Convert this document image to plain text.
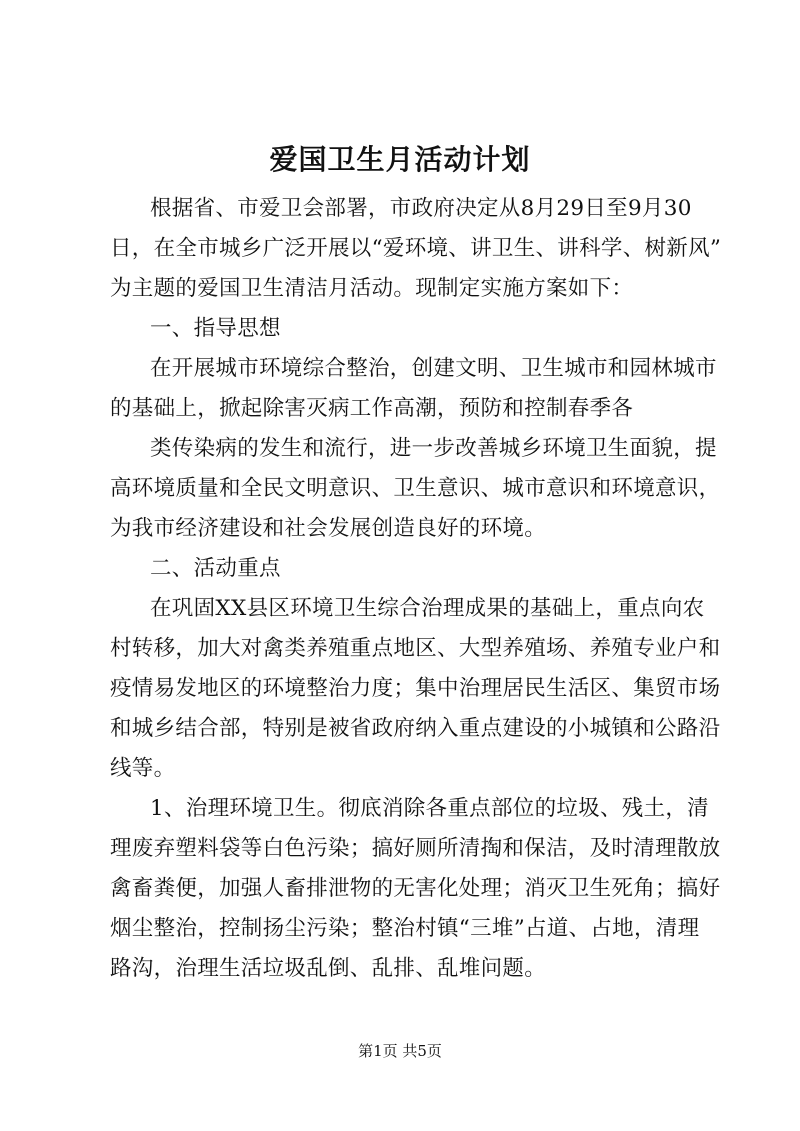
爱国卫生月活动计划
根据省、市爱卫会部署，市政府决定从8月29日至9月30
日，在全市城乡广泛开展以“爱环境、讲卫生、讲科学、树新风”
为主题的爱国卫生清洁月活动。现制定实施方案如下：
一、指导思想
在开展城市环境综合整治，创建文明、卫生城市和园林城市
的基础上，掀起除害灭病工作高潮，预防和控制春季各
类传染病的发生和流行，进一步改善城乡环境卫生面貌，提
高环境质量和全民文明意识、卫生意识、城市意识和环境意识，
为我市经济建设和社会发展创造良好的环境。
二、活动重点
在巩固XX县区环境卫生综合治理成果的基础上，重点向农
村转移，加大对禽类养殖重点地区、大型养殖场、养殖专业户和
疫情易发地区的环境整治力度；集中治理居民生活区、集贸市场
和城乡结合部，特别是被省政府纳入重点建设的小城镇和公路沿
线等。
1、治理环境卫生。彻底消除各重点部位的垃圾、残土，清
理废弃塑料袋等白色污染；搞好厕所清掏和保洁，及时清理散放
禽畜粪便，加强人畜排泄物的无害化处理；消灭卫生死角；搞好
烟尘整治，控制扬尘污染；整治村镇“三堆”占道、占地，清理
路沟，治理生活垃圾乱倒、乱排、乱堆问题。
第1页 共5页
